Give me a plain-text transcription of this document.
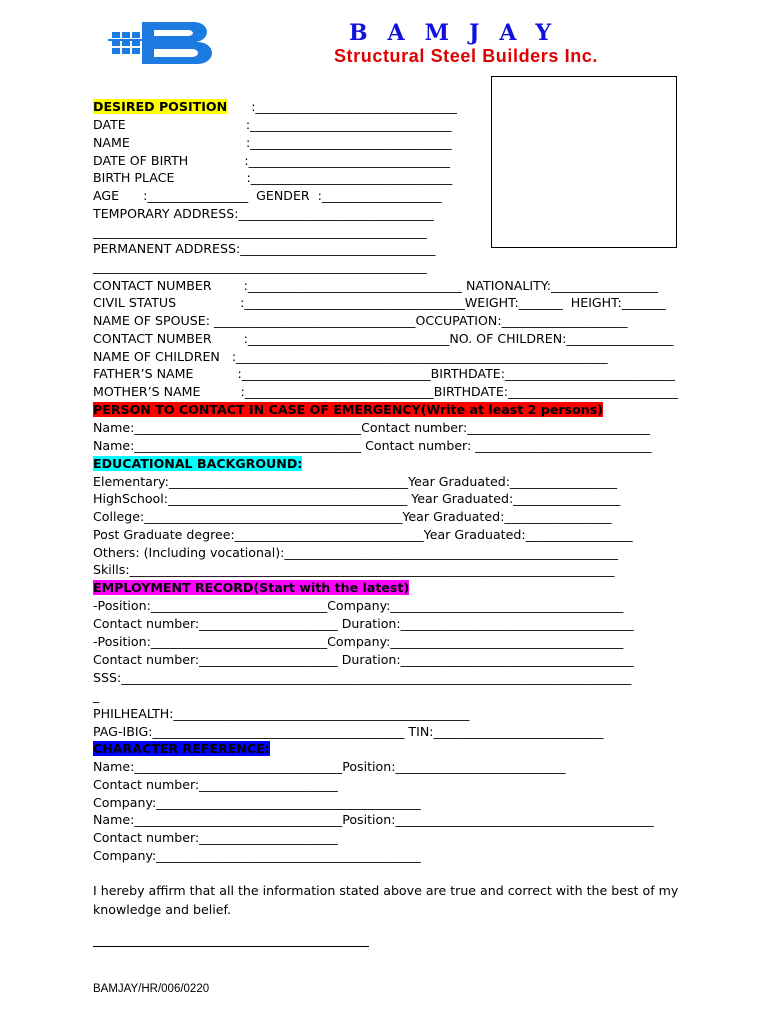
BAMJAY
Structural Steel Builders Inc.
DESIRED POSITION      :________________________________
DATE                              :________________________________
NAME                             :________________________________
DATE OF BIRTH              :________________________________
BIRTH PLACE                  :________________________________
AGE      :________________  GENDER  :___________________
TEMPORARY ADDRESS:_______________________________
_____________________________________________________
PERMANENT ADDRESS:_______________________________
_____________________________________________________
CONTACT NUMBER        :__________________________________ NATIONALITY:_________________
CIVIL STATUS                :___________________________________WEIGHT:_______  HEIGHT:_______
NAME OF SPOUSE: ________________________________OCCUPATION:____________________
CONTACT NUMBER        :________________________________NO. OF CHILDREN:_________________
NAME OF CHILDREN   :___________________________________________________________
FATHER’S NAME           :______________________________BIRTHDATE:___________________________
MOTHER’S NAME          :______________________________BIRTHDATE:___________________________
PERSON TO CONTACT IN CASE OF EMERGENCY(Write at least 2 persons)
Name:____________________________________Contact number:_____________________________
Name:____________________________________ Contact number: ____________________________
EDUCATIONAL BACKGROUND:
Elementary:______________________________________Year Graduated:_________________
HighSchool:______________________________________ Year Graduated:_________________
College:_________________________________________Year Graduated:_________________
Post Graduate degree:______________________________Year Graduated:_________________
Others: (Including vocational):_____________________________________________________
Skills:_____________________________________________________________________________
EMPLOYMENT RECORD(Start with the latest)
-Position:____________________________Company:_____________________________________
Contact number:______________________ Duration:_____________________________________
-Position:____________________________Company:_____________________________________
Contact number:______________________ Duration:_____________________________________
SSS:_________________________________________________________________________________
_
PHILHEALTH:_______________________________________________
PAG-IBIG:________________________________________ TIN:___________________________
CHARACTER REFERENCE:
Name:_________________________________Position:___________________________
Contact number:______________________
Company:__________________________________________
Name:_________________________________Position:_________________________________________
Contact number:______________________
Company:__________________________________________
I hereby affirm that all the information stated above are true and correct with the best of my knowledge and belief.
BAMJAY/HR/006/0220
